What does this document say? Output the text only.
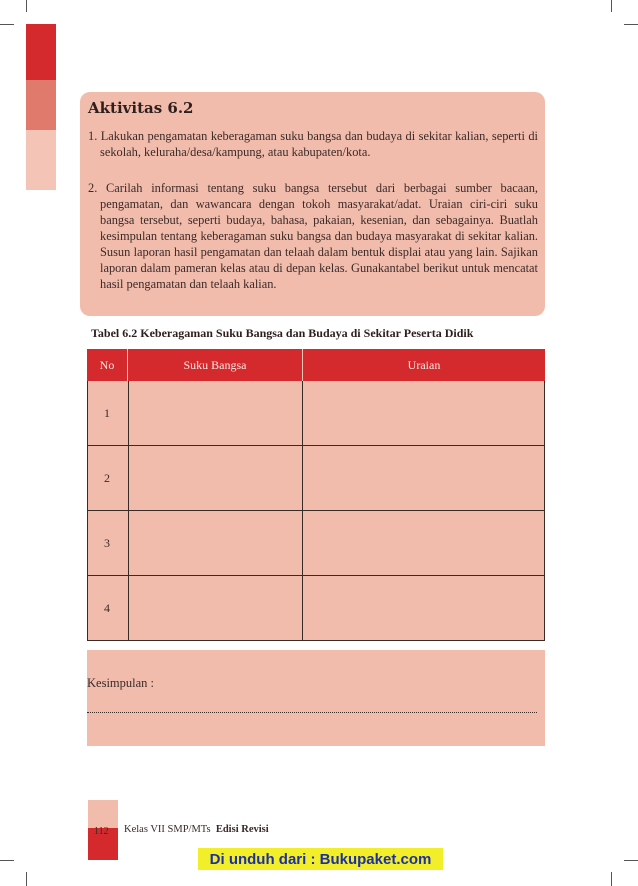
Aktivitas 6.2

1. Lakukan pengamatan keberagaman suku bangsa dan budaya di sekitar kalian, seperti di sekolah, keluraha/desa/kampung, atau kabupaten/kota.

2. Carilah informasi tentang suku bangsa tersebut dari berbagai sumber bacaan, pengamatan, dan wawancara dengan tokoh masyarakat/adat. Uraian ciri-ciri suku bangsa tersebut, seperti budaya, bahasa, pakaian, kesenian, dan sebagainya. Buatlah kesimpulan tentang keberagaman suku bangsa dan budaya masyarakat di sekitar kalian. Susun laporan hasil pengamatan dan telaah dalam bentuk displai atau yang lain. Sajikan laporan dalam pameran kelas atau di depan kelas. Gunakantabel berikut untuk mencatat hasil pengamatan dan telaah kalian.

Tabel 6.2 Keberagaman Suku Bangsa dan Budaya di Sekitar Peserta Didik
No	Suku Bangsa	Uraian
1
2
3
4
Kesimpulan :
112 Kelas VII SMP/MTs Edisi Revisi
Di unduh dari : Bukupaket.com
